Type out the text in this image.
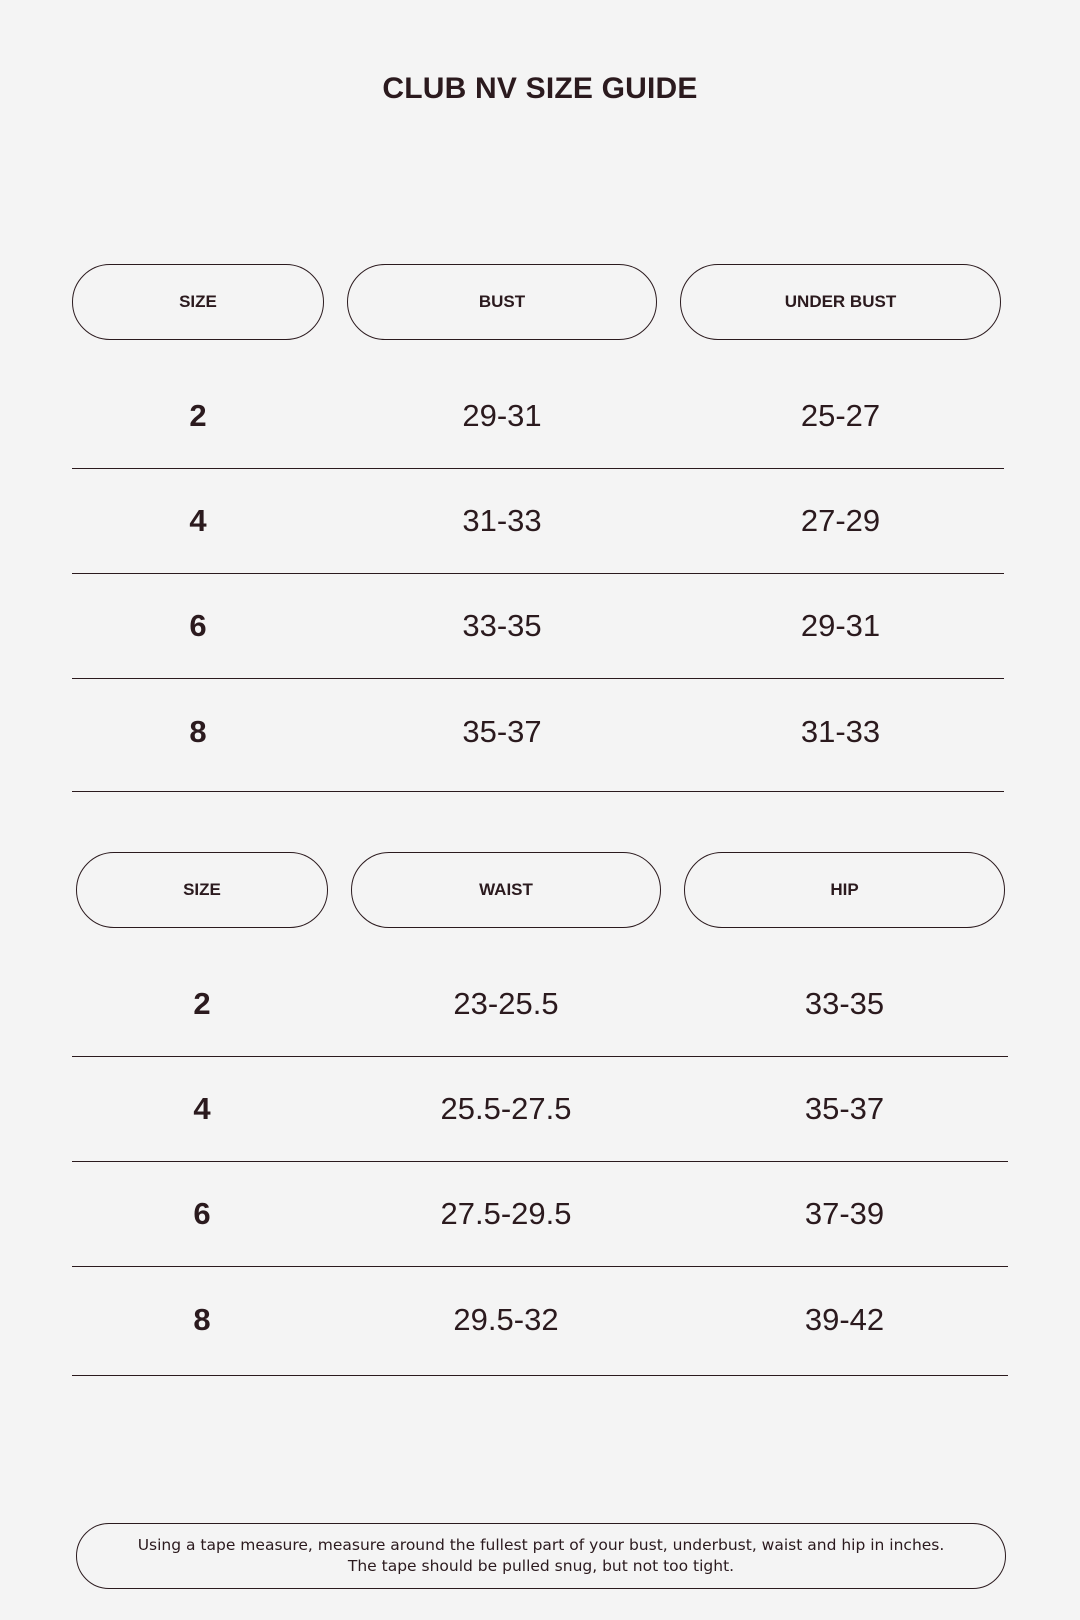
CLUB NV SIZE GUIDE
SIZE	BUST	UNDER BUST
2	29-31	25-27
4	31-33	27-29
6	33-35	29-31
8	35-37	31-33
SIZE	WAIST	HIP
2	23-25.5	33-35
4	25.5-27.5	35-37
6	27.5-29.5	37-39
8	29.5-32	39-42
Using a tape measure, measure around the fullest part of your bust, underbust, waist and hip in inches.
The tape should be pulled snug, but not too tight.
